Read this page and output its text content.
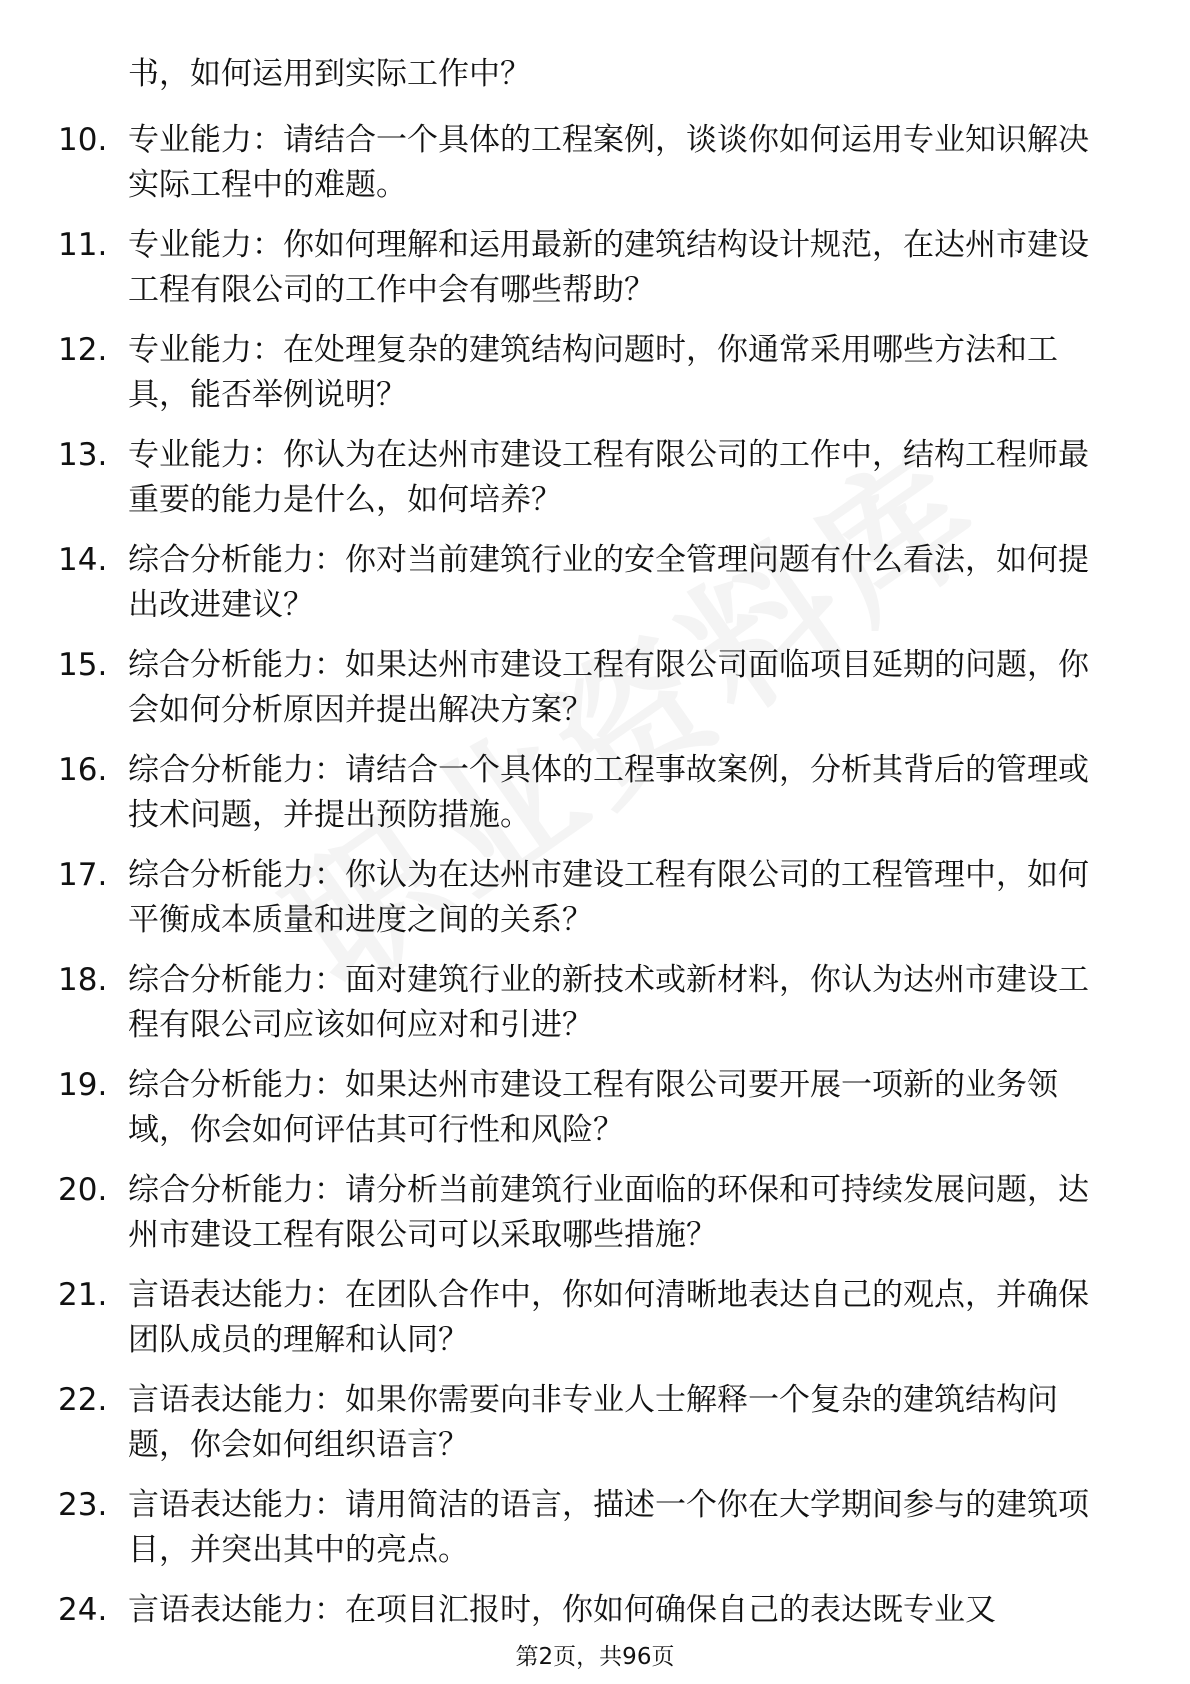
书，如何运用到实际工作中？

10. 专业能力：请结合一个具体的工程案例，谈谈你如何运用专业知识解决实际工程中的难题。
11. 专业能力：你如何理解和运用最新的建筑结构设计规范，在达州市建设工程有限公司的工作中会有哪些帮助？
12. 专业能力：在处理复杂的建筑结构问题时，你通常采用哪些方法和工具，能否举例说明？
13. 专业能力：你认为在达州市建设工程有限公司的工作中，结构工程师最重要的能力是什么，如何培养？
14. 综合分析能力：你对当前建筑行业的安全管理问题有什么看法，如何提出改进建议？
15. 综合分析能力：如果达州市建设工程有限公司面临项目延期的问题，你会如何分析原因并提出解决方案？
16. 综合分析能力：请结合一个具体的工程事故案例，分析其背后的管理或技术问题，并提出预防措施。
17. 综合分析能力：你认为在达州市建设工程有限公司的工程管理中，如何平衡成本质量和进度之间的关系？
18. 综合分析能力：面对建筑行业的新技术或新材料，你认为达州市建设工程有限公司应该如何应对和引进？
19. 综合分析能力：如果达州市建设工程有限公司要开展一项新的业务领域，你会如何评估其可行性和风险？
20. 综合分析能力：请分析当前建筑行业面临的环保和可持续发展问题，达州市建设工程有限公司可以采取哪些措施？
21. 言语表达能力：在团队合作中，你如何清晰地表达自己的观点，并确保团队成员的理解和认同？
22. 言语表达能力：如果你需要向非专业人士解释一个复杂的建筑结构问题，你会如何组织语言？
23. 言语表达能力：请用简洁的语言，描述一个你在大学期间参与的建筑项目，并突出其中的亮点。
24. 言语表达能力：在项目汇报时，你如何确保自己的表达既专业又
第2页，共96页
